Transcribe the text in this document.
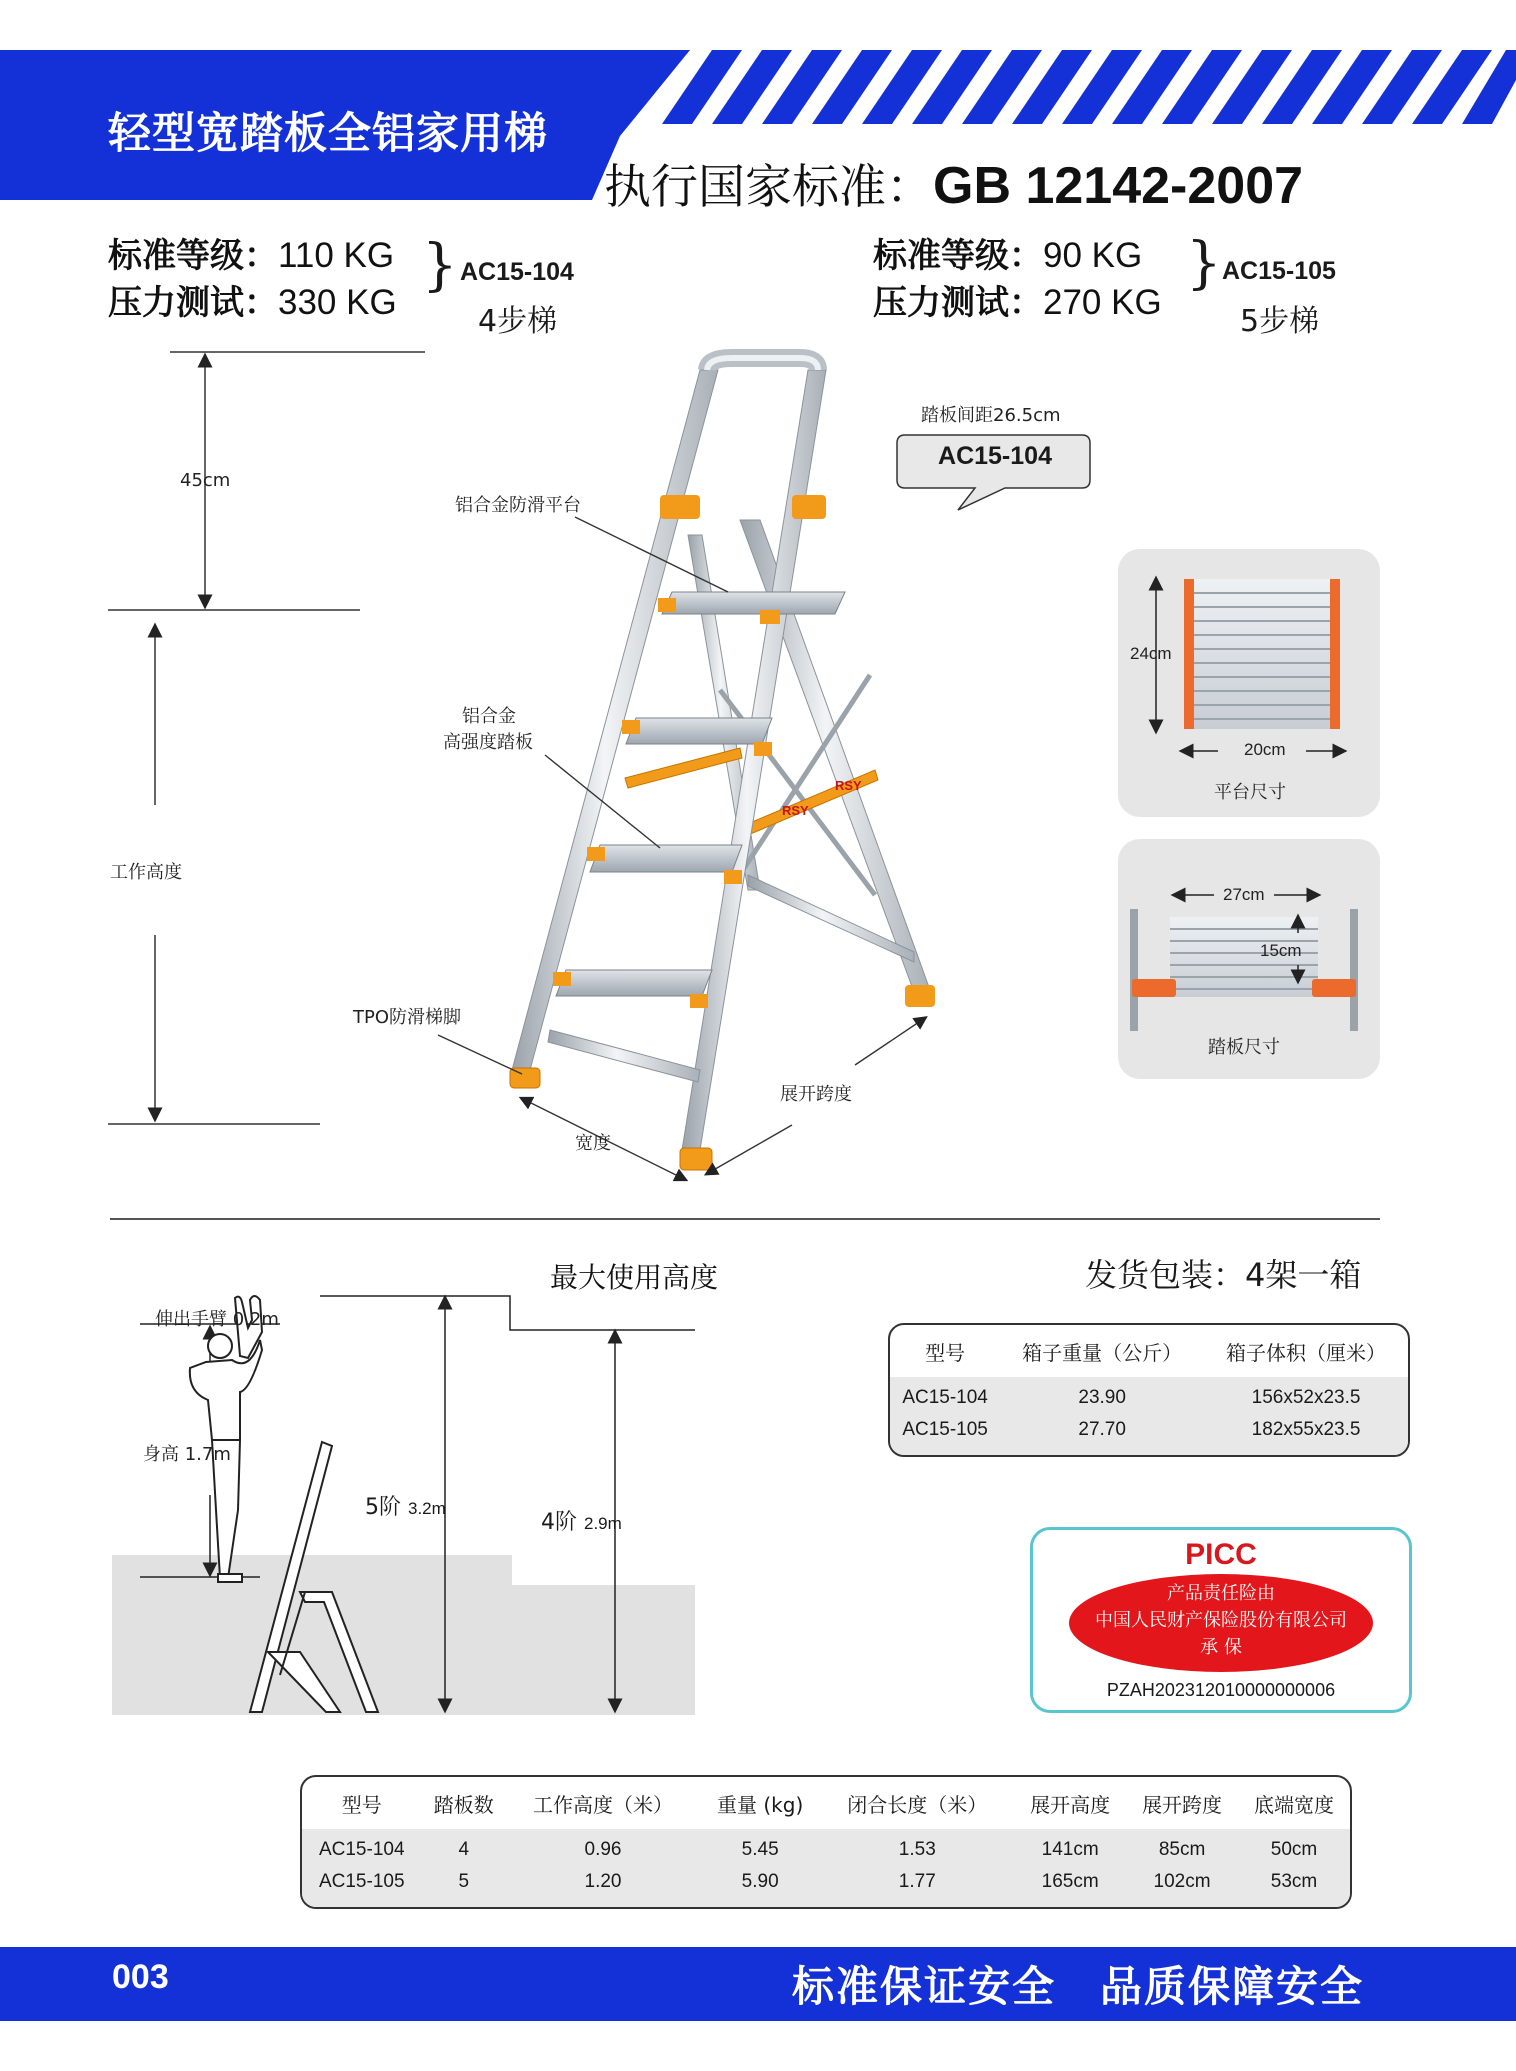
轻型宽踏板全铝家用梯
执行国家标准：GB 12142-2007
标准等级：110 KG
压力测试：330 KG
} AC15-104
4步梯
标准等级：90 KG
压力测试：270 KG
} AC15-105
5步梯
RSY
RSY
45cm
工作高度
铝合金防滑平台
铝合金
高强度踏板
TPO防滑梯脚
宽度
展开跨度
踏板间距26.5cm
AC15-104
24cm
20cm
平台尺寸
27cm
15cm
踏板尺寸
最大使用高度
伸出手臂 0.2m
身高 1.7m
5阶 3.2m
4阶 2.9m
发货包装：4架一箱
型号	箱子重量（公斤）	箱子体积（厘米）
AC15-104	23.90	156x52x23.5
AC15-105	27.70	182x55x23.5
PICC
产品责任险由
中国人民财产保险股份有限公司
承 保
PZAH202312010000000006
型号	踏板数	工作高度（米）	重量 (kg)	闭合长度（米）	展开高度	展开跨度	底端宽度
AC15-104	4	0.96	5.45	1.53	141cm	85cm	50cm
AC15-105	5	1.20	5.90	1.77	165cm	102cm	53cm
003	标准保证安全　品质保障安全
